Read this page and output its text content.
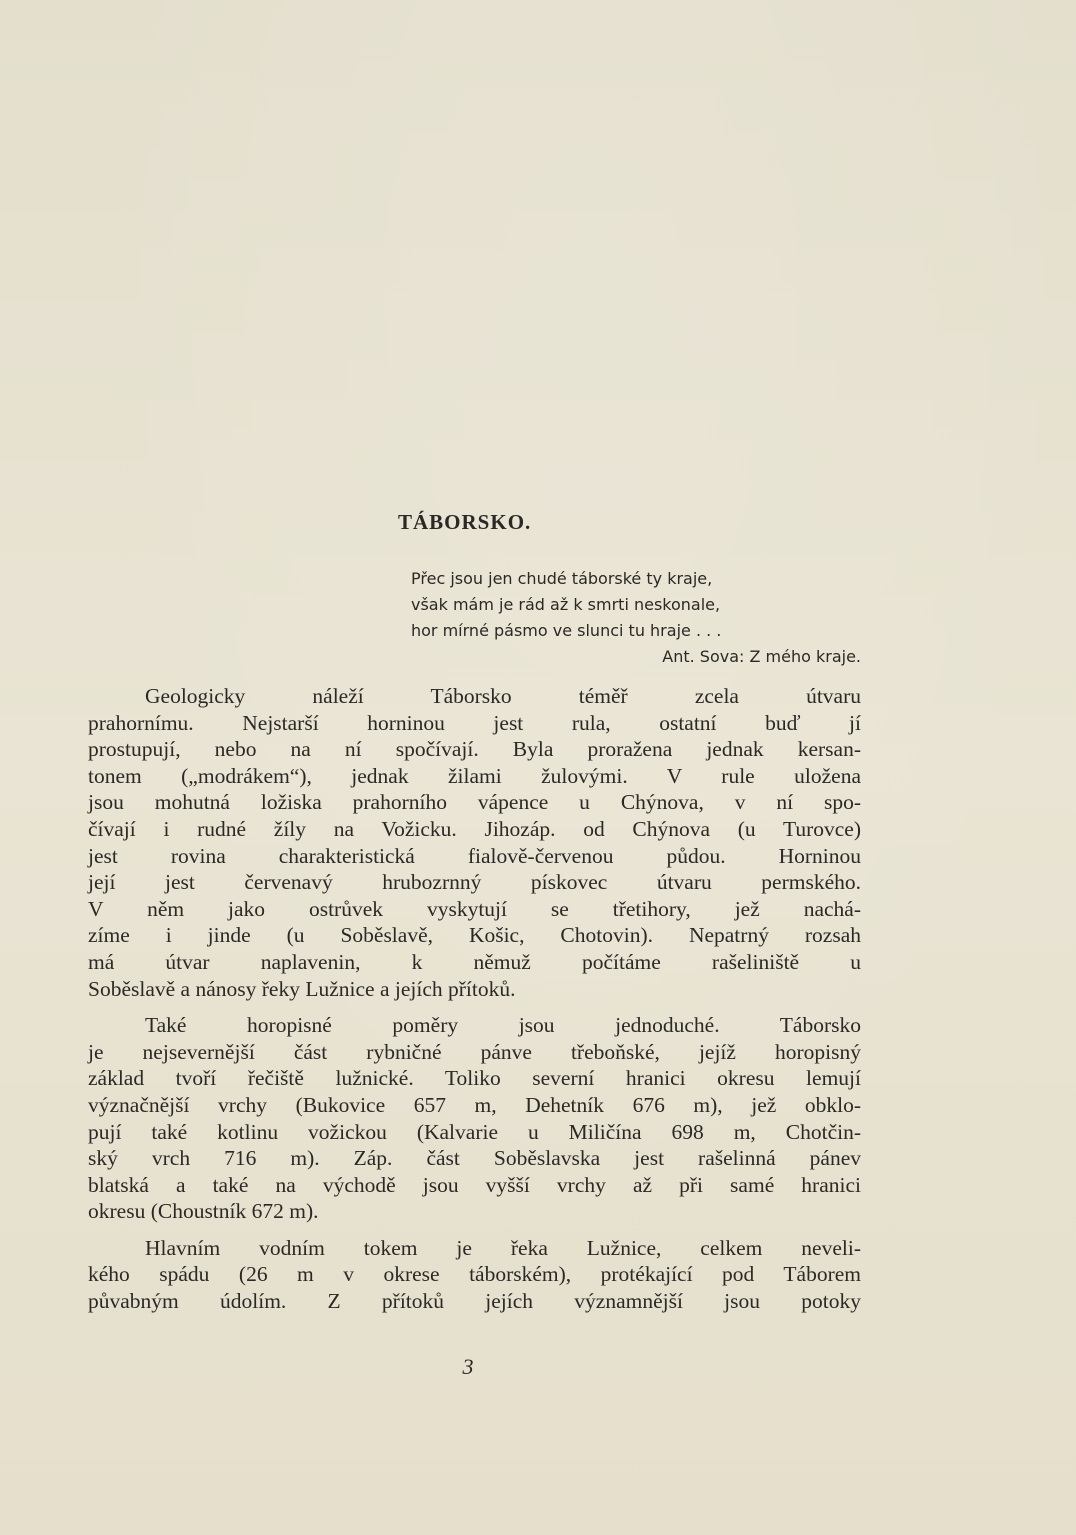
TÁBORSKO.
Přec jsou jen chudé táborské ty kraje,
však mám je rád až k smrti neskonale,
hor mírné pásmo ve slunci tu hraje . . .
Ant. Sova: Z mého kraje.

Geologicky náleží Táborsko téměř zcela útvaru
prahornímu. Nejstarší horninou jest rula, ostatní buď jí
prostupují, nebo na ní spočívají. Byla proražena jednak kersan-
tonem („modrákem“), jednak žilami žulovými. V rule uložena
jsou mohutná ložiska prahorního vápence u Chýnova, v ní spo-
čívají i rudné žíly na Vožicku. Jihozáp. od Chýnova (u Turovce)
jest rovina charakteristická fialově-červenou půdou. Horninou
její jest červenavý hrubozrnný pískovec útvaru permského.
V něm jako ostrůvek vyskytují se třetihory, jež nachá-
zíme i jinde (u Soběslavě, Košic, Chotovin). Nepatrný rozsah
má útvar naplavenin, k němuž počítáme rašeliniště u
Soběslavě a nánosy řeky Lužnice a jejích přítoků.

Také horopisné poměry jsou jednoduché. Táborsko
je nejsevernější část rybničné pánve třeboňské, jejíž horopisný
základ tvoří řečiště lužnické. Toliko severní hranici okresu lemují
význačnější vrchy (Bukovice 657 m, Dehetník 676 m), jež obklo-
pují také kotlinu vožickou (Kalvarie u Miličína 698 m, Chotčin-
ský vrch 716 m). Záp. část Soběslavska jest rašelinná pánev
blatská a také na východě jsou vyšší vrchy až při samé hranici
okresu (Choustník 672 m).

Hlavním vodním tokem je řeka Lužnice, celkem neveli-
kého spádu (26 m v okrese táborském), protékající pod Táborem
půvabným údolím. Z přítoků jejích významnější jsou potoky

3
